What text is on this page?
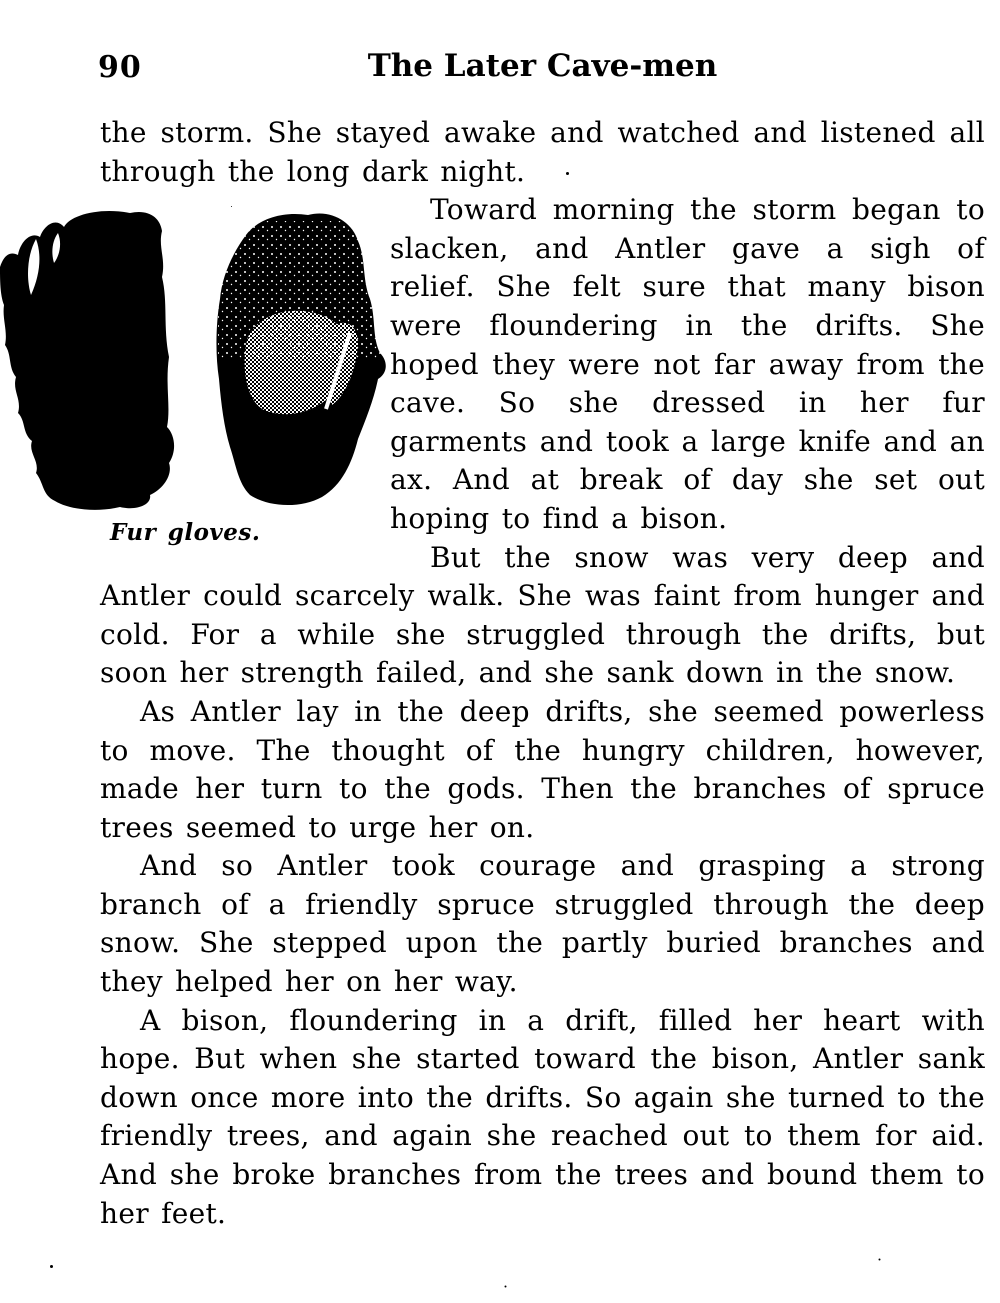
90	The Later Cave-men

the storm. She stayed awake and watched and listened all through the long dark night.

Fur gloves.

Toward morning the storm began to slacken, and Antler gave a sigh of relief. She felt sure that many bison were floundering in the drifts. She hoped they were not far away from the cave. So she dressed in her fur garments and took a large knife and an ax. And at break of day she set out hoping to find a bison.

But the snow was very deep and Antler could scarcely walk. She was faint from hunger and cold. For a while she struggled through the drifts, but soon her strength failed, and she sank down in the snow.

As Antler lay in the deep drifts, she seemed powerless to move. The thought of the hungry children, however, made her turn to the gods. Then the branches of spruce trees seemed to urge her on.

And so Antler took courage and grasping a strong branch of a friendly spruce struggled through the deep snow. She stepped upon the partly buried branches and they helped her on her way.

A bison, floundering in a drift, filled her heart with hope. But when she started toward the bison, Antler sank down once more into the drifts. So again she turned to the friendly trees, and again she reached out to them for aid. And she broke branches from the trees and bound them to her feet.
